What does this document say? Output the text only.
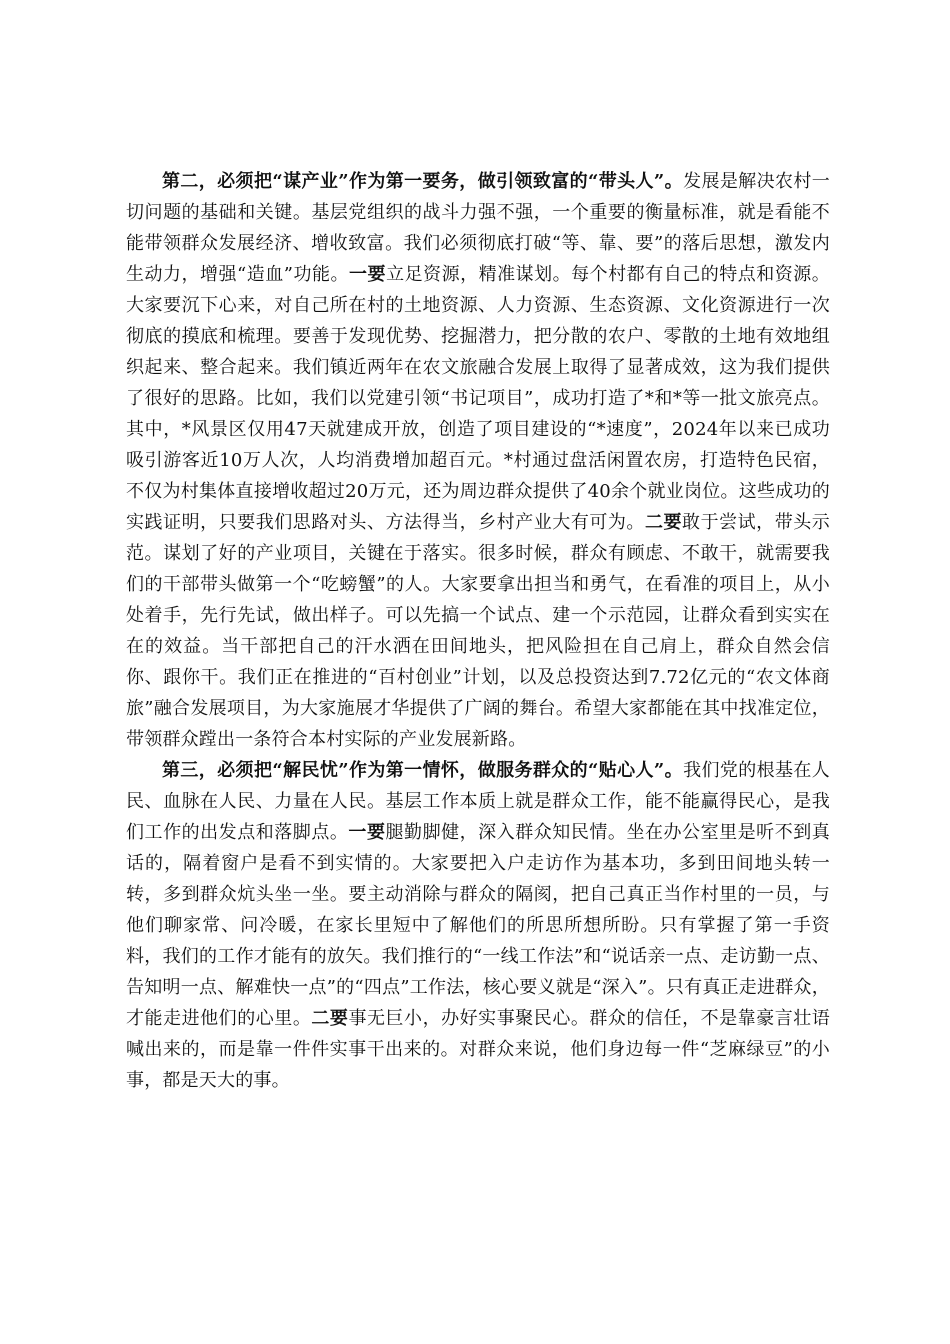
第二，必须把“谋产业”作为第一要务，做引领致富的“带头人”。发展是解决农村一切问题的基础和关键。基层党组织的战斗力强不强，一个重要的衡量标准，就是看能不能带领群众发展经济、增收致富。我们必须彻底打破“等、靠、要”的落后思想，激发内生动力，增强“造血”功能。一要立足资源，精准谋划。每个村都有自己的特点和资源。大家要沉下心来，对自己所在村的土地资源、人力资源、生态资源、文化资源进行一次彻底的摸底和梳理。要善于发现优势、挖掘潜力，把分散的农户、零散的土地有效地组织起来、整合起来。我们镇近两年在农文旅融合发展上取得了显著成效，这为我们提供了很好的思路。比如，我们以党建引领“书记项目”，成功打造了*和*等一批文旅亮点。其中，*风景区仅用47天就建成开放，创造了项目建设的“*速度”，2024年以来已成功吸引游客近10万人次，人均消费增加超百元。*村通过盘活闲置农房，打造特色民宿，不仅为村集体直接增收超过20万元，还为周边群众提供了40余个就业岗位。这些成功的实践证明，只要我们思路对头、方法得当，乡村产业大有可为。二要敢于尝试，带头示范。谋划了好的产业项目，关键在于落实。很多时候，群众有顾虑、不敢干，就需要我们的干部带头做第一个“吃螃蟹”的人。大家要拿出担当和勇气，在看准的项目上，从小处着手，先行先试，做出样子。可以先搞一个试点、建一个示范园，让群众看到实实在在的效益。当干部把自己的汗水洒在田间地头，把风险担在自己肩上，群众自然会信你、跟你干。我们正在推进的“百村创业”计划，以及总投资达到7.72亿元的“农文体商旅”融合发展项目，为大家施展才华提供了广阔的舞台。希望大家都能在其中找准定位，带领群众蹚出一条符合本村实际的产业发展新路。

第三，必须把“解民忧”作为第一情怀，做服务群众的“贴心人”。我们党的根基在人民、血脉在人民、力量在人民。基层工作本质上就是群众工作，能不能赢得民心，是我们工作的出发点和落脚点。一要腿勤脚健，深入群众知民情。坐在办公室里是听不到真话的，隔着窗户是看不到实情的。大家要把入户走访作为基本功，多到田间地头转一转，多到群众炕头坐一坐。要主动消除与群众的隔阂，把自己真正当作村里的一员，与他们聊家常、问冷暖，在家长里短中了解他们的所思所想所盼。只有掌握了第一手资料，我们的工作才能有的放矢。我们推行的“一线工作法”和“说话亲一点、走访勤一点、告知明一点、解难快一点”的“四点”工作法，核心要义就是“深入”。只有真正走进群众，才能走进他们的心里。二要事无巨小，办好实事聚民心。群众的信任，不是靠豪言壮语喊出来的，而是靠一件件实事干出来的。对群众来说，他们身边每一件“芝麻绿豆”的小事，都是天大的事。
